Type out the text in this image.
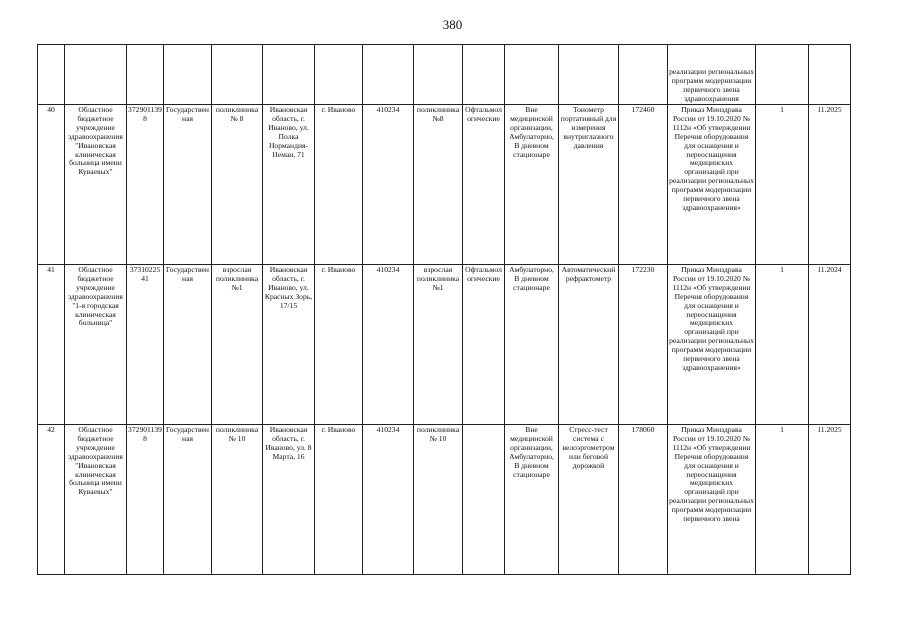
380
													реализации региональных программ модернизации первичного звена здравоохранения		
40	Областное бюджетное учреждение здравоохранения "Ивановская клиническая больница имени Куваевых"	3729011398	Государственная	поликлиника № 8	Ивановская область, г. Иваново, ул. Полка Нормандия-Неман, 71	г. Иваново	410234	поликлиника №8	Офтальмологические	Вне медицинской организации, Амбулаторно, В дневном стационаре	Тонометр портативный для измерения внутриглазного давления	172460	Приказ Минздрава России от 19.10.2020 № 1112н «Об утверждении Перечня оборудования для оснащения и переоснащения медицинских организаций при реализации региональных программ модернизации первичного звена здравоохранения»	1	11.2025
41	Областное бюджетное учреждение здравоохранения "1-я городская клиническая больница"	3731022541	Государственная	взрослая поликлиника №1	Ивановская область, г. Иваново, ул. Красных Зорь, 17/15	г. Иваново	410234	взрослая поликлиника №1	Офтальмологические	Амбулаторно, В дневном стационаре	Автоматический рефрактометр	172230	Приказ Минздрава России от 19.10.2020 № 1112н «Об утверждении Перечня оборудования для оснащения и переоснащения медицинских организаций при реализации региональных программ модернизации первичного звена здравоохранения»	1	11.2024
42	Областное бюджетное учреждение здравоохранения "Ивановская клиническая больница имени Куваевых"	3729011398	Государственная	поликлиника № 10	Ивановская область, г. Иваново, ул. 8 Марта, 16	г. Иваново	410234	поликлиника № 10		Вне медицинской организации, Амбулаторно, В дневном стационаре	Стресс-тест система с велоэргометром или беговой дорожкой	178060	Приказ Минздрава России от 19.10.2020 № 1112н «Об утверждении Перечня оборудования для оснащения и переоснащения медицинских организаций при реализации региональных программ модернизации первичного звена	1	11.2025
